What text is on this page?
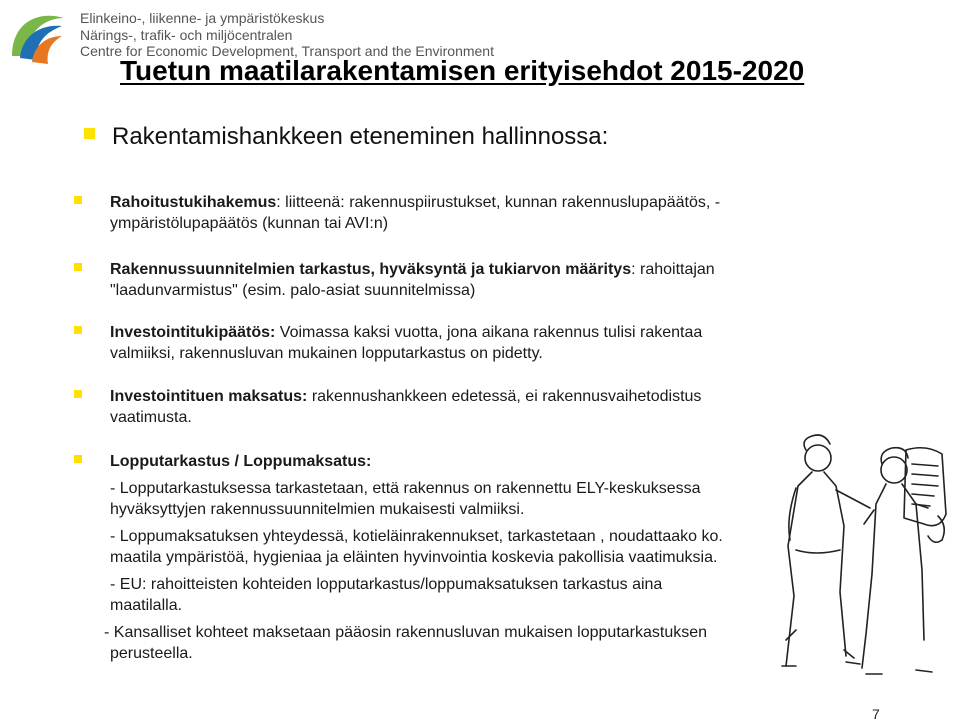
Elinkeino-, liikenne- ja ympäristökeskus
Närings-, trafik- och miljöcentralen
Centre for Economic Development, Transport and the Environment
Tuetun maatilarakentamisen erityisehdot 2015-2020
Rakentamishankkeen eteneminen hallinnossa:
Rahoitustukihakemus: liitteenä: rakennuspiirustukset, kunnan rakennuslupapäätös, -
ympäristölupapäätös (kunnan tai AVI:n)
Rakennussuunnitelmien tarkastus, hyväksyntä ja tukiarvon määritys: rahoittajan
"laadunvarmistus" (esim. palo-asiat suunnitelmissa)
Investointitukipäätös: Voimassa kaksi vuotta, jona aikana rakennus tulisi rakentaa
valmiiksi, rakennusluvan mukainen lopputarkastus on pidetty.
Investointituen maksatus: rakennushankkeen edetessä, ei rakennusvaihetodistus
vaatimusta.
Lopputarkastus / Loppumaksatus:
- Lopputarkastuksessa tarkastetaan, että rakennus on rakennettu ELY-keskuksessa
hyväksyttyjen rakennussuunnitelmien mukaisesti valmiiksi.
- Loppumaksatuksen yhteydessä, kotieläinrakennukset, tarkastetaan , noudattaako ko.
maatila ympäristöä, hygieniaa ja eläinten hyvinvointia koskevia pakollisia vaatimuksia.
- EU: rahoitteisten kohteiden lopputarkastus/loppumaksatuksen tarkastus aina
maatilalla.
- Kansalliset kohteet maksetaan pääosin rakennusluvan mukaisen lopputarkastuksen
perusteella.
7
